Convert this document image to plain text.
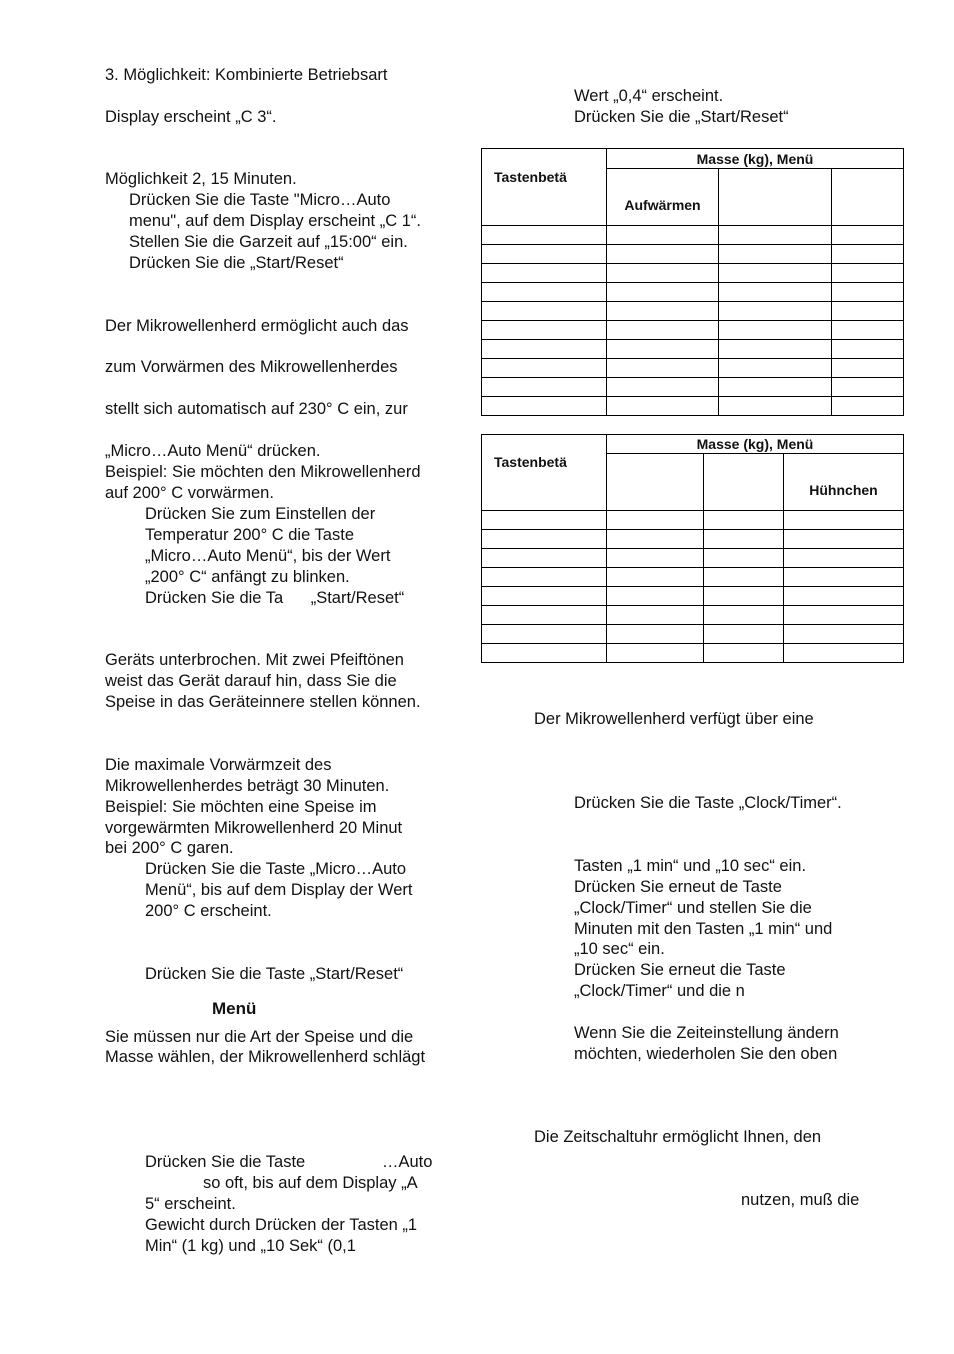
3. Möglichkeit: Kombinierte Betriebsart
Display erscheint „C 3“.
Möglichkeit 2, 15 Minuten.
Drücken Sie die Taste "Micro…Auto
menu", auf dem Display erscheint „C 1“.
Stellen Sie die Garzeit auf „15:00“ ein.
Drücken Sie die „Start/Reset“
Der Mikrowellenherd ermöglicht auch das
zum Vorwärmen des Mikrowellenherdes
stellt sich automatisch auf 230° C ein, zur
„Micro…Auto Menü“ drücken.
Beispiel: Sie möchten den Mikrowellenherd
auf 200° C vorwärmen.
Drücken Sie zum Einstellen der
Temperatur 200° C die Taste
„Micro…Auto Menü“, bis der Wert
„200° C“ anfängt zu blinken.
Drücken Sie die Ta      „Start/Reset“
Geräts unterbrochen. Mit zwei Pfeiftönen
weist das Gerät darauf hin, dass Sie die
Speise in das Geräteinnere stellen können.
Die maximale Vorwärmzeit des
Mikrowellenherdes beträgt 30 Minuten.
Beispiel: Sie möchten eine Speise im
vorgewärmten Mikrowellenherd 20 Minut
bei 200° C garen.
Drücken Sie die Taste „Micro…Auto
Menü“, bis auf dem Display der Wert
200° C erscheint.
Drücken Sie die Taste „Start/Reset“
Menü
Sie müssen nur die Art der Speise und die
Masse wählen, der Mikrowellenherd schlägt
Drücken Sie die Taste	…Auto
so oft, bis auf dem Display „A
5“ erscheint.
Gewicht durch Drücken der Tasten „1
Min“ (1 kg) und „10 Sek“ (0,1
Wert „0,4“ erscheint.
Drücken Sie die „Start/Reset“
Tastenbetä	Masse (kg), Menü		
	Aufwärmen		

Tastenbetä	Masse (kg), Menü		
			Hühnchen

Der Mikrowellenherd verfügt über eine
Drücken Sie die Taste „Clock/Timer“.
Tasten „1 min“ und „10 sec“ ein.
Drücken Sie erneut de Taste
„Clock/Timer“ und stellen Sie die
Minuten mit den Tasten „1 min“ und
„10 sec“ ein.
Drücken Sie erneut die Taste
„Clock/Timer“ und die n
Wenn Sie die Zeiteinstellung ändern
möchten, wiederholen Sie den oben
Die Zeitschaltuhr ermöglicht Ihnen, den
nutzen, muß die
